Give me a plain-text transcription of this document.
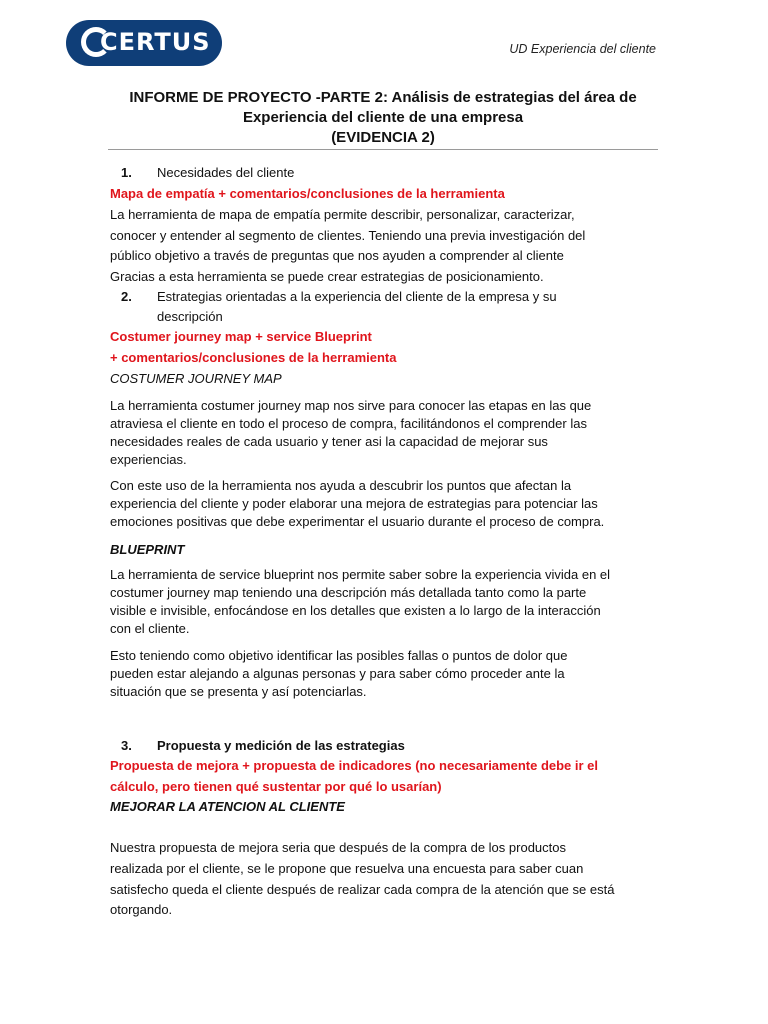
CERTUS	UD Experiencia del cliente
INFORME DE PROYECTO -PARTE 2: Análisis de estrategias del área de
Experiencia del cliente de una empresa
(EVIDENCIA 2)
1. Necesidades del cliente
Mapa de empatía + comentarios/conclusiones de la herramienta
La herramienta de mapa de empatía permite describir, personalizar, caracterizar,
conocer y entender al segmento de clientes. Teniendo una previa investigación del
público objetivo a través de preguntas que nos ayuden a comprender al cliente
Gracias a esta herramienta se puede crear estrategias de posicionamiento.
2. Estrategias orientadas a la experiencia del cliente de la empresa y su
descripción
Costumer journey map + service Blueprint
+ comentarios/conclusiones de la herramienta
COSTUMER JOURNEY MAP
La herramienta costumer journey map nos sirve para conocer las etapas en las que
atraviesa el cliente en todo el proceso de compra, facilitándonos el comprender las
necesidades reales de cada usuario y tener asi la capacidad de mejorar sus
experiencias.
Con este uso de la herramienta nos ayuda a descubrir los puntos que afectan la
experiencia del cliente y poder elaborar una mejora de estrategias para potenciar las
emociones positivas que debe experimentar el usuario durante el proceso de compra.
BLUEPRINT
La herramienta de service blueprint nos permite saber sobre la experiencia vivida en el
costumer journey map teniendo una descripción más detallada tanto como la parte
visible e invisible, enfocándose en los detalles que existen a lo largo de la interacción
con el cliente.
Esto teniendo como objetivo identificar las posibles fallas o puntos de dolor que
pueden estar alejando a algunas personas y para saber cómo proceder ante la
situación que se presenta y así potenciarlas.
3. Propuesta y medición de las estrategias
Propuesta de mejora + propuesta de indicadores (no necesariamente debe ir el
cálculo, pero tienen qué sustentar por qué lo usarían)
MEJORAR LA ATENCION AL CLIENTE
Nuestra propuesta de mejora seria que después de la compra de los productos
realizada por el cliente, se le propone que resuelva una encuesta para saber cuan
satisfecho queda el cliente después de realizar cada compra de la atención que se está
otorgando.
